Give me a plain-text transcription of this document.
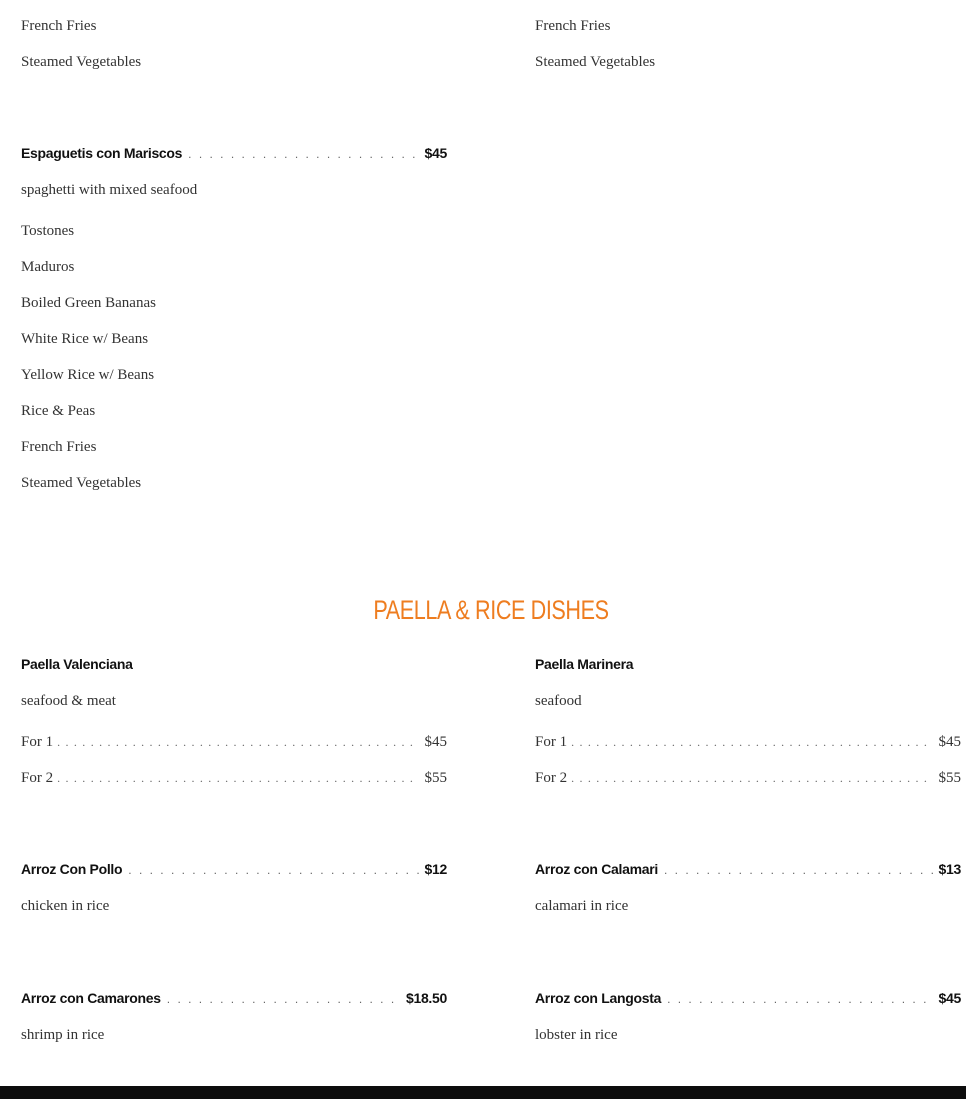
French Fries
Steamed Vegetables
Espaguetis con Mariscos . . .	$45
spaghetti with mixed seafood
Tostones
Maduros
Boiled Green Bananas
White Rice w/ Beans
Yellow Rice w/ Beans
Rice & Peas
French Fries
Steamed Vegetables
French Fries
Steamed Vegetables
PAELLA & RICE DISHES
Paella Valenciana
seafood & meat
For 1 . . .	$45
For 2 . . .	$55
Arroz Con Pollo . . .	$12
chicken in rice
Arroz con Camarones . . .	$18.50
shrimp in rice
Paella Marinera
seafood
For 1 . . .	$45
For 2 . . .	$55
Arroz con Calamari . . .	$13
calamari in rice
Arroz con Langosta . . .	$45
lobster in rice
